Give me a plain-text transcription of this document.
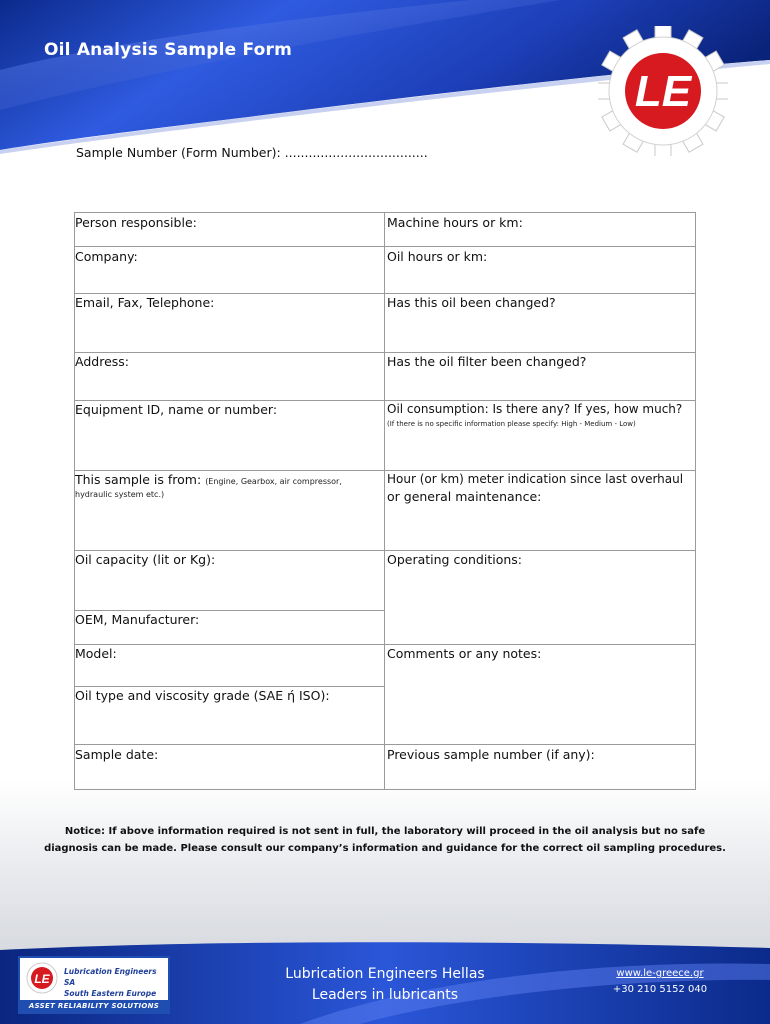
Oil Analysis Sample Form
LE
Sample Number (Form Number): ....................................
Person responsible:
Company:
Email, Fax, Telephone:
Address:
Equipment ID, name or number:
This sample is from: (Engine, Gearbox, air compressor,
hydraulic system etc.)
Oil capacity (lit or Kg):
OEM, Manufacturer:
Model:
Oil type and viscosity grade (SAE ή ISO):
Sample date:
Machine hours or km:
Oil hours or km:
Has this oil been changed?
Has the oil filter been changed?
Oil consumption: Is there any? If yes, how much?
(If there is no specific information please specify: High - Medium - Low)
Hour (or km) meter indication since last overhaul
or general maintenance:
Operating conditions:
Comments or any notes:
Previous sample number (if any):
Notice: If above information required is not sent in full, the laboratory will proceed in the oil analysis but no safe
diagnosis can be made. Please consult our company’s information and guidance for the correct oil sampling procedures.
LE
Lubrication Engineers SA
South Eastern Europe
ASSET RELIABILITY SOLUTIONS
Lubrication Engineers Hellas
Leaders in lubricants
www.le-greece.gr
+30 210 5152 040
